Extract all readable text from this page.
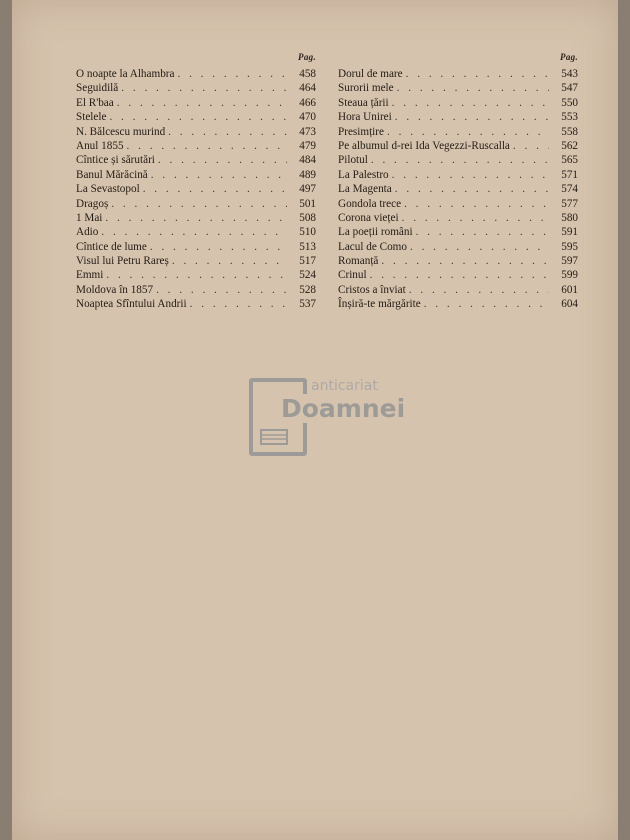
Pag.
O noapte la Alhambra . . .	458
Seguidilă . . .	464
El R'baa . . .	466
Stelele . . .	470
N. Bălcescu murind . . .	473
Anul 1855 . . .	479
Cîntice și sărutări . . .	484
Banul Mărăcină . . .	489
La Sevastopol . . .	497
Dragoș . . .	501
1 Mai . . .	508
Adio . . .	510
Cîntice de lume . . .	513
Visul lui Petru Rareș . . .	517
Emmi . . .	524
Moldova în 1857 . . .	528
Noaptea Sfîntului Andrii . . .	537
Pag.
Dorul de mare . . .	543
Surorii mele . . .	547
Steaua țării . . .	550
Hora Unirei . . .	553
Presimțire . . .	558
Pe albumul d-rei Ida Vegezzi-Ruscalla . . .	562
Pilotul . . .	565
La Palestro . . .	571
La Magenta . . .	574
Gondola trece . . .	577
Corona vieței . . .	580
La poeții români . . .	591
Lacul de Como . . .	595
Romanță . . .	597
Crinul . . .	599
Cristos a înviat . . .	601
Înșiră-te mărgărite . . .	604
anticariat
Doamnei
